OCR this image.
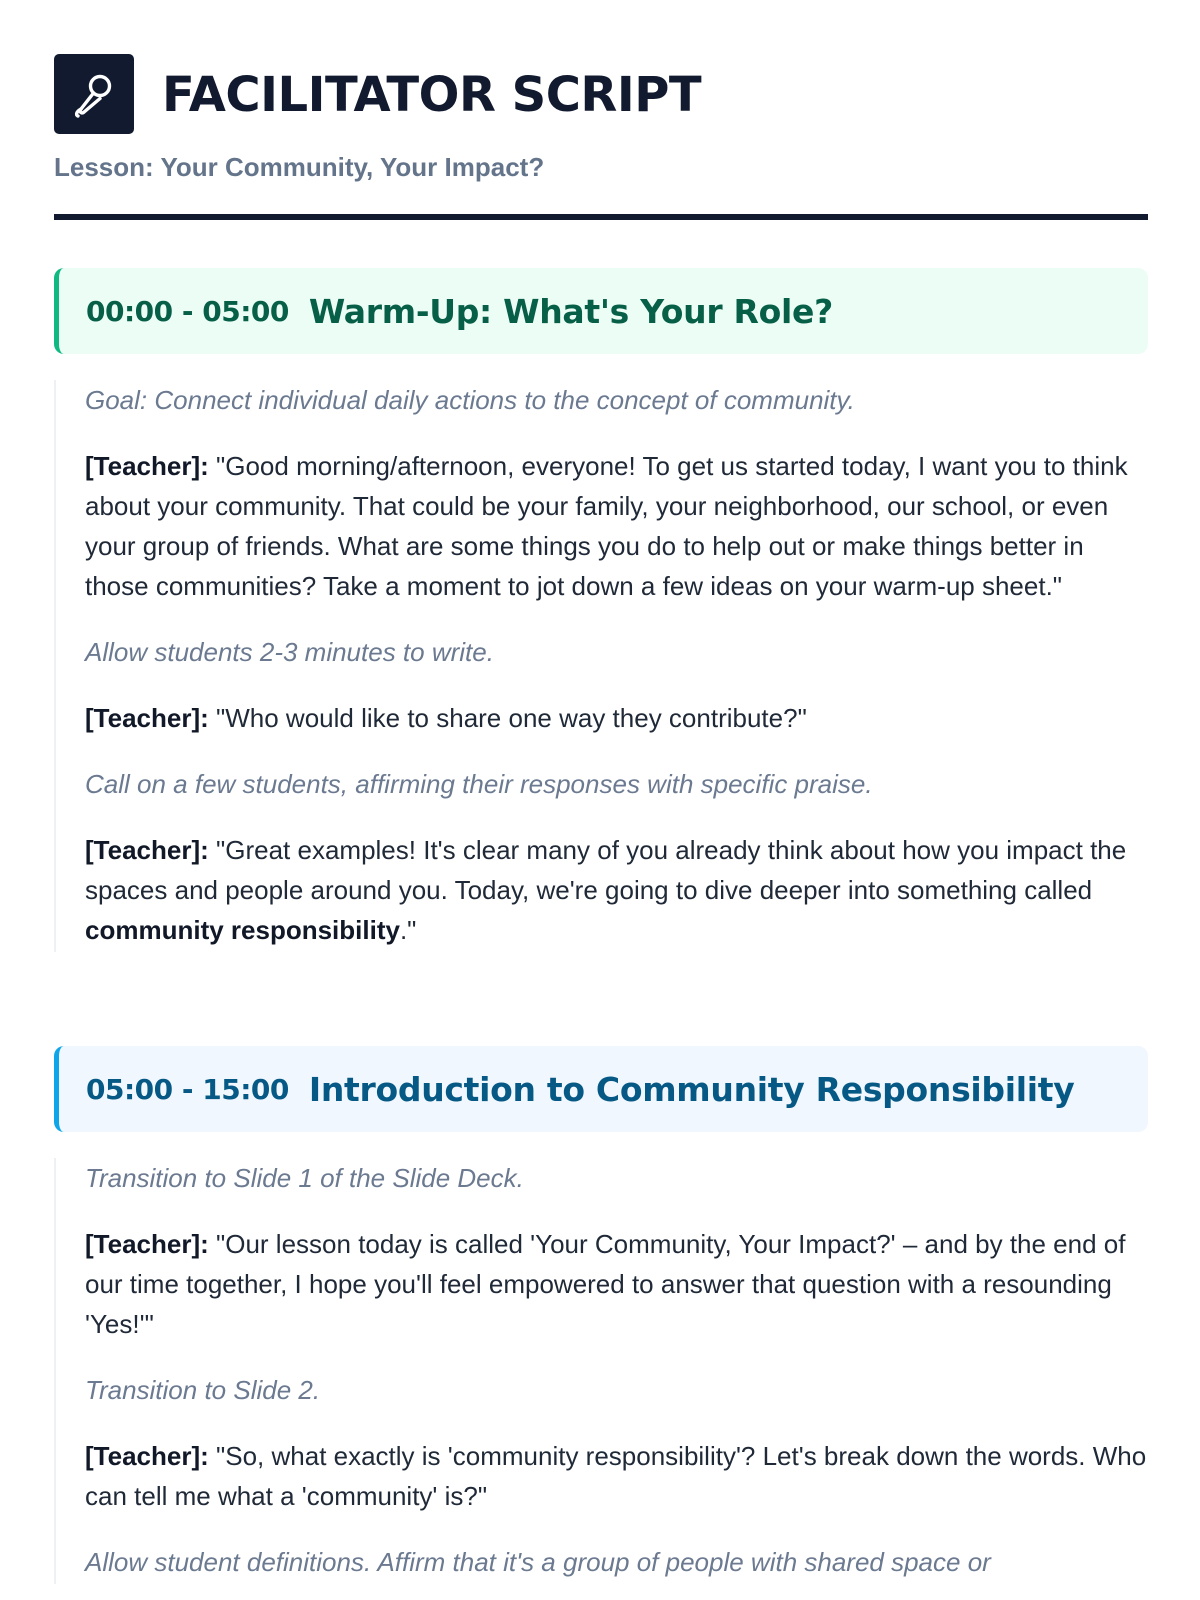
FACILITATOR SCRIPT

Lesson: Your Community, Your Impact?

00:00 - 05:00 Warm-Up: What's Your Role?

Goal: Connect individual daily actions to the concept of community.

[Teacher]: "Good morning/afternoon, everyone! To get us started today, I want you to think about your community. That could be your family, your neighborhood, our school, or even your group of friends. What are some things you do to help out or make things better in those communities? Take a moment to jot down a few ideas on your warm-up sheet."

Allow students 2-3 minutes to write.

[Teacher]: "Who would like to share one way they contribute?"

Call on a few students, affirming their responses with specific praise.

[Teacher]: "Great examples! It's clear many of you already think about how you impact the spaces and people around you. Today, we're going to dive deeper into something called community responsibility."

05:00 - 15:00 Introduction to Community Responsibility

Transition to Slide 1 of the Slide Deck.

[Teacher]: "Our lesson today is called 'Your Community, Your Impact?' – and by the end of our time together, I hope you'll feel empowered to answer that question with a resounding 'Yes!'"

Transition to Slide 2.

[Teacher]: "So, what exactly is 'community responsibility'? Let's break down the words. Who can tell me what a 'community' is?"

Allow student definitions. Affirm that it's a group of people with shared space or
